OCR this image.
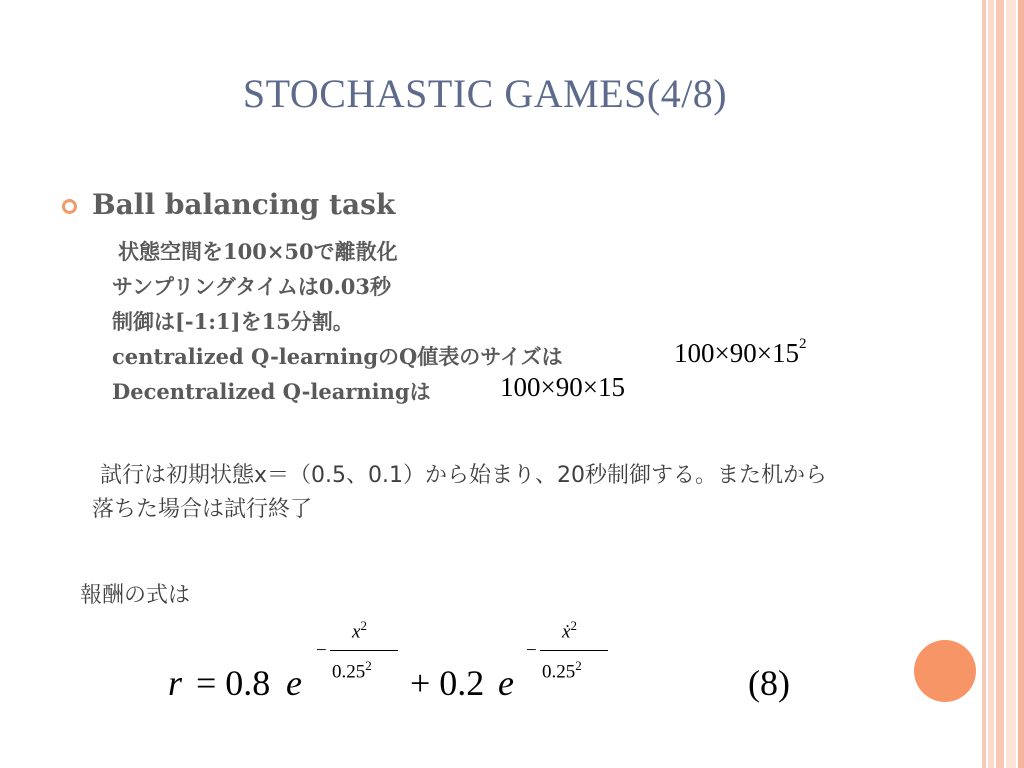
STOCHASTIC GAMES(4/8)
Ball balancing task
状態空間を100×50で離散化
サンプリングタイムは0.03秒
制御は[-1:1]を15分割。
centralized Q-learningのQ値表のサイズは
Decentralized Q-learningは
$100\times 90\times 15^2$
100×90×15
試行は初期状態x＝（0.5、0.1）から始まり、20秒制御する。また机から
落ちた場合は試行終了
報酬の式は
r = 0.8 e
−
$x^2$
$0.25^2 + 0.2$ e
−
ẋ$^2$
0.25$^2$	(8)
